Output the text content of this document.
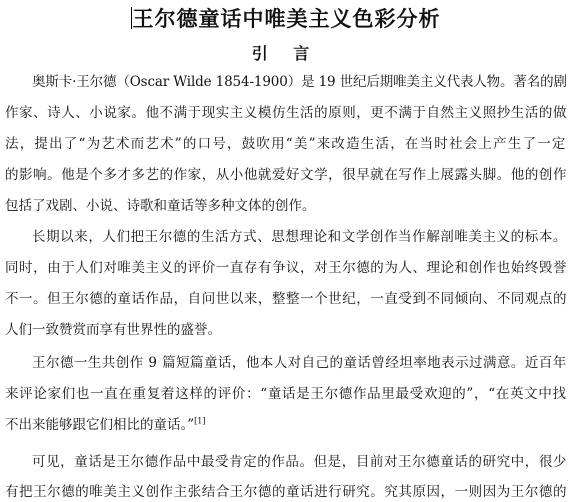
王尔德童话中唯美主义色彩分析
引 言
奥斯卡·王尔德（Oscar Wilde 1854-1900）是 19 世纪后期唯美主义代表人物。著名的剧
作家、诗人、小说家。他不满于现实主义模仿生活的原则，更不满于自然主义照抄生活的做
法，提出了“为艺术而艺术”的口号，鼓吹用“美”来改造生活，在当时社会上产生了一定
的影响。他是个多才多艺的作家，从小他就爱好文学，很早就在写作上展露头脚。他的创作
包括了戏剧、小说、诗歌和童话等多种文体的创作。
长期以来，人们把王尔德的生活方式、思想理论和文学创作当作解剖唯美主义的标本。
同时，由于人们对唯美主义的评价一直存有争议，对王尔德的为人、理论和创作也始终毁誉
不一。但王尔德的童话作品，自问世以来，整整一个世纪，一直受到不同倾向、不同观点的
人们一致赞赏而享有世界性的盛誉。
王尔德一生共创作 9 篇短篇童话，他本人对自己的童话曾经坦率地表示过满意。近百年
来评论家们也一直在重复着这样的评价：“童话是王尔德作品里最受欢迎的”，“在英文中找
不出来能够跟它们相比的童话。”[1]
可见，童话是王尔德作品中最受肯定的作品。但是，目前对王尔德童话的研究中，很少
有把王尔德的唯美主义创作主张结合王尔德的童话进行研究。究其原因，一则因为王尔德的
